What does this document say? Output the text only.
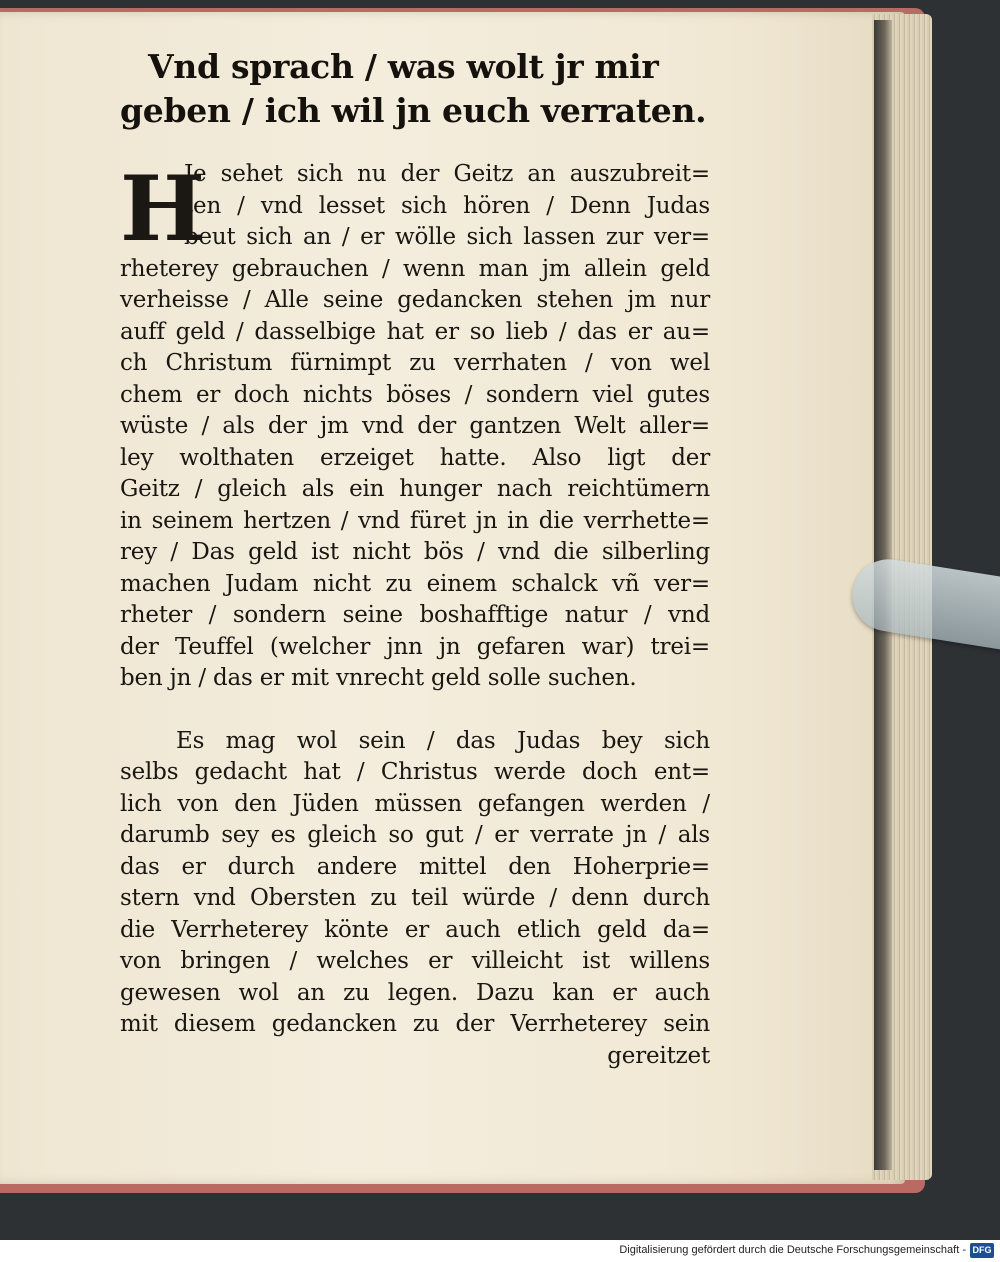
Vnd sprach / was wolt jr mir
geben / ich wil jn euch verraten.
H
Je sehet sich nu der Geitz an auszubreit=
ten / vnd lesset sich hören / Denn Judas
beut sich an / er wölle sich lassen zur ver=
rheterey gebrauchen / wenn man jm allein geld
verheisse / Alle seine gedancken stehen jm nur
auff geld / dasselbige hat er so lieb / das er au=
ch Christum fürnimpt zu verrhaten / von wel
chem er doch nichts böses / sondern viel gutes
wüste / als der jm vnd der gantzen Welt aller=
ley wolthaten erzeiget hatte. Also ligt der
Geitz / gleich als ein hunger nach reichtümern
in seinem hertzen / vnd füret jn in die verrhette=
rey / Das geld ist nicht bös / vnd die silberling
machen Judam nicht zu einem schalck vñ ver=
rheter / sondern seine boshafftige natur / vnd
der Teuffel (welcher jnn jn gefaren war) trei=
ben jn / das er mit vnrecht geld solle suchen.
Es mag wol sein / das Judas bey sich
selbs gedacht hat / Christus werde doch ent=
lich von den Jüden müssen gefangen werden /
darumb sey es gleich so gut / er verrate jn / als
das er durch andere mittel den Hoherprie=
stern vnd Obersten zu teil würde / denn durch
die Verrheterey könte er auch etlich geld da=
von bringen / welches er villeicht ist willens
gewesen wol an zu legen. Dazu kan er auch
mit diesem gedancken zu der Verrheterey sein
gereitzet
Digitalisierung gefördert durch die Deutsche Forschungsgemeinschaft - DFG
